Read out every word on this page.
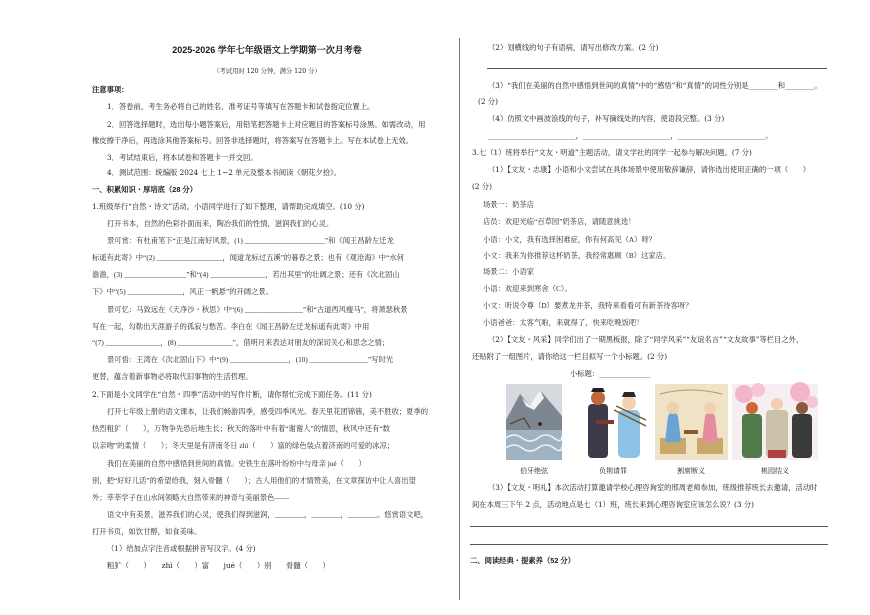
2025-2026 学年七年级语文上学期第一次月考卷
（考试用时 120 分钟，满分 120 分）
注意事项：
1．答卷前，考生务必将自己的姓名、准考证号等填写在答题卡和试卷指定位置上。
2．回答选择题时，选出每小题答案后，用铅笔把答题卡上对应题目的答案标号涂黑。如需改动，用
橡皮擦干净后，再选涂其他答案标号。回答非选择题时，将答案写在答题卡上。写在本试卷上无效。
3．考试结束后，将本试卷和答题卡一并交回。
4．测试范围：统编版 2024 七上 1~2 单元及整本书阅读《朝花夕拾》。
一、积累知识・厚培底（28 分）
1.班级举行“自然・诗文”活动，小语同学进行了如下整理，请帮助完成填空。(10 分)
打开书本，自然的色彩扑面而来，陶冶我们的性情，滋润我们的心灵。
景可赏：有杜甫笔下“正是江南好风景，(1) ______________________”和《闻王昌龄左迁龙
标遥有此寄》中“(2) __________________，闻道龙标过五溪”的暮春之景；也有《观沧海》中“水何
澹澹，(3) _________________”和“(4) _______________，若出其里”的壮阔之景；还有《次北固山
下》中“(5) _______________，风正一帆悬”的开阔之景。
景可忆：马致远在《天净沙・秋思》中“(6) ________________”和“古道西风瘦马”，将萧瑟秋景
写在一起，勾勒出天涯游子的孤寂与愁苦。李白在《闻王昌龄左迁龙标遥有此寄》中用
“(7) _______________，(8) _______________”，借明月来表达对朋友的深切关心和思念之情；
景可悟：王湾在《次北固山下》中“(9) ________________，(10) ________________”写时光
更替，蕴含着新事物必将取代旧事物的生活哲理。
2.下面是小文同学在“自然・四季”活动中的写作片断，请你帮忙完成下面任务。(11 分)
打开七年级上册的语文课本，让我们畅游四季，感受四季风光。春天里花团锦簇，美不胜收；夏季的
热烈粗犷（　　），万物争先恐后地生长；秋天的落叶中有着“谢谢人”的情思，秋风中还有“数
以亲吻”的柔情（　　）；冬天里是有济南冬日 zhì（　　）富的绿色装点着济南的可爱的冰凉；
我们在美丽的自然中感悟到世间的真情。史铁生在落叶纷纷中与母亲 jué（　　）
别，把“好好儿活”的希望给我，刻入骨髓（　　）；古人用他们的才情赞美，在文章探访中让人喜出望
外；莘莘学子在山水间领略大自然带来的神奇与美丽景色——
语文中有美景，滋养我们的心灵，使我们得到滋润，________，________，________。悠赏语文吧，
打开书页，如饮甘醇，如食美味。
（1）给加点字注音或根据拼音写汉字。(4 分)
粗犷（　　）　　zhì（　　）富　　jué（　　）别　　骨髓（　　）
（2）划横线的句子有语病，请写出修改方案。(2 分)
（3）“我们在美丽的自然中感悟到世间的真情”中的“感悟”和“真情”的词性分别是________和________。
(2 分)
（4）仿照文中画波浪线的句子，补写摘线处的内容，使语段完整。(3 分)
________________________，________________________，________________________。
3.七（1）班将举行“文友・明道”主题活动，请文学社的同学一起参与解决问题。(7 分)
（1）【文友・志康】小语和小文尝试在具体场景中使用敬辞谦辞，请你选出使用正确的一项（　　）
(2 分)
场景一：奶茶店
店员：欢迎光临“百草园”奶茶店，请随意挑选！
小语：小文，我有选择困难症，你有何高见（A）呀？
小文：我来为你推荐这杯奶茶，我经常惠顾（B）这家店。
场景二：小语家
小语：欢迎来到寒舍（C）。
小文：听说令尊（D）要煮龙井茶，我特来看看可有新茶待客呀？
小语爸爸：太客气啦，来就得了，快来吃晚饭吧！
（2）【文友・风采】同学们出了一期黑板报，除了“同学风采”“友谊名言”“文友故事”等栏目之外，
还贴附了一组图片，请你给这一栏目拟写一个小标题。(2 分)
小标题：______________
伯牙绝弦	负荆请罪	割席断义	桃园结义
（3）【文友・明礼】本次活动打算邀请学校心理咨询室的邢周老师参加，班级推荐班长去邀请，活动时
间在本周三下午 2 点，活动地点是七（1）班，班长来到心理咨询室应该怎么说？(3 分)
二、阅读经典・提素养（52 分）
